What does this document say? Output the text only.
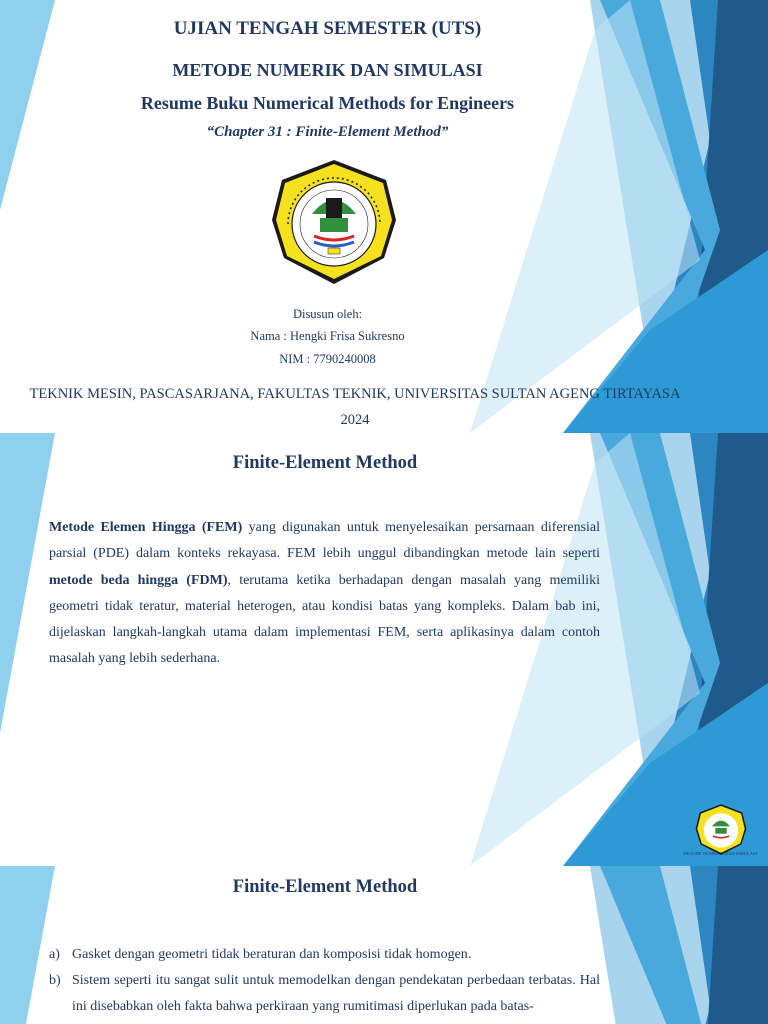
UJIAN TENGAH SEMESTER (UTS)
METODE NUMERIK DAN SIMULASI
Resume Buku Numerical Methods for Engineers
“Chapter 31 : Finite-Element Method”
Disusun oleh:
Nama : Hengki Frisa Sukresno
NIM : 7790240008
TEKNIK MESIN, PASCASARJANA, FAKULTAS TEKNIK, UNIVERSITAS SULTAN AGENG TIRTAYASA
2024
Finite-Element Method
Metode Elemen Hingga (FEM) yang digunakan untuk menyelesaikan persamaan diferensial parsial (PDE) dalam konteks rekayasa. FEM lebih unggul dibandingkan metode lain seperti metode beda hingga (FDM), terutama ketika berhadapan dengan masalah yang memiliki geometri tidak teratur, material heterogen, atau kondisi batas yang kompleks. Dalam bab ini, dijelaskan langkah-langkah utama dalam implementasi FEM, serta aplikasinya dalam contoh masalah yang lebih sederhana.
METODE NUMERIK DAN SIMULASI
Finite-Element Method
a) Gasket dengan geometri tidak beraturan dan komposisi tidak homogen.
b) Sistem seperti itu sangat sulit untuk memodelkan dengan pendekatan perbedaan terbatas. Hal ini disebabkan oleh fakta bahwa perkiraan yang rumitimasi diperlukan pada batas-
